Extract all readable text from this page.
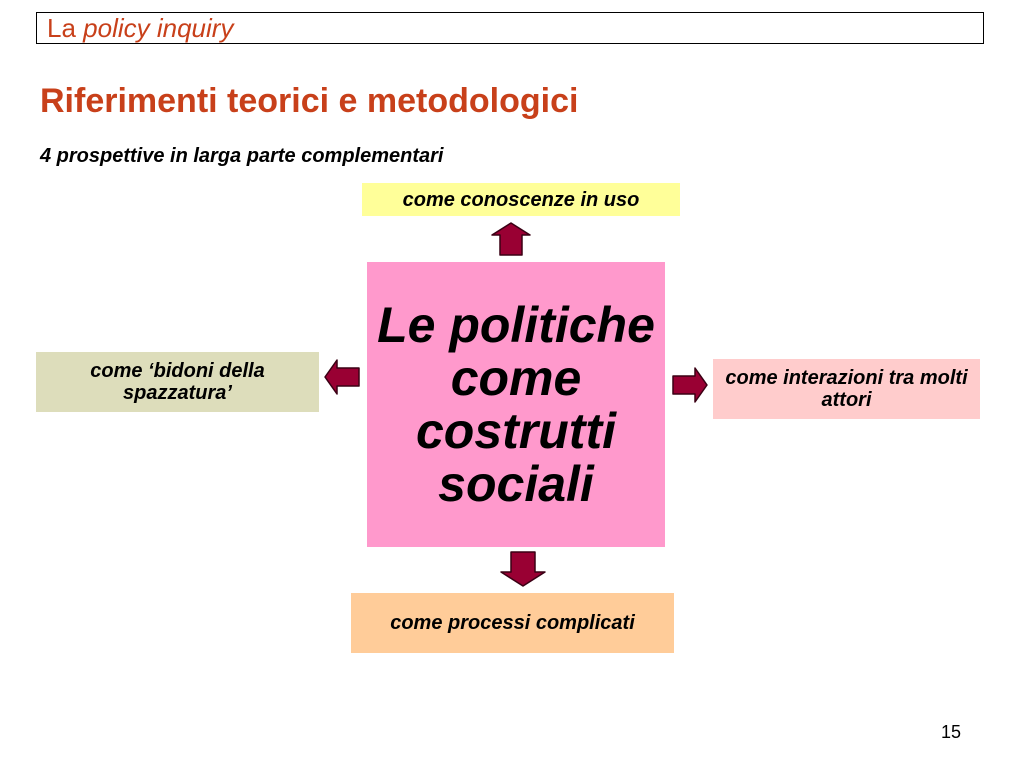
La policy inquiry
Riferimenti teorici e metodologici
4 prospettive in larga parte complementari
come conoscenze in uso
Le politiche come costrutti sociali
come ‘bidoni della spazzatura’
come interazioni tra molti attori
come processi complicati
15
